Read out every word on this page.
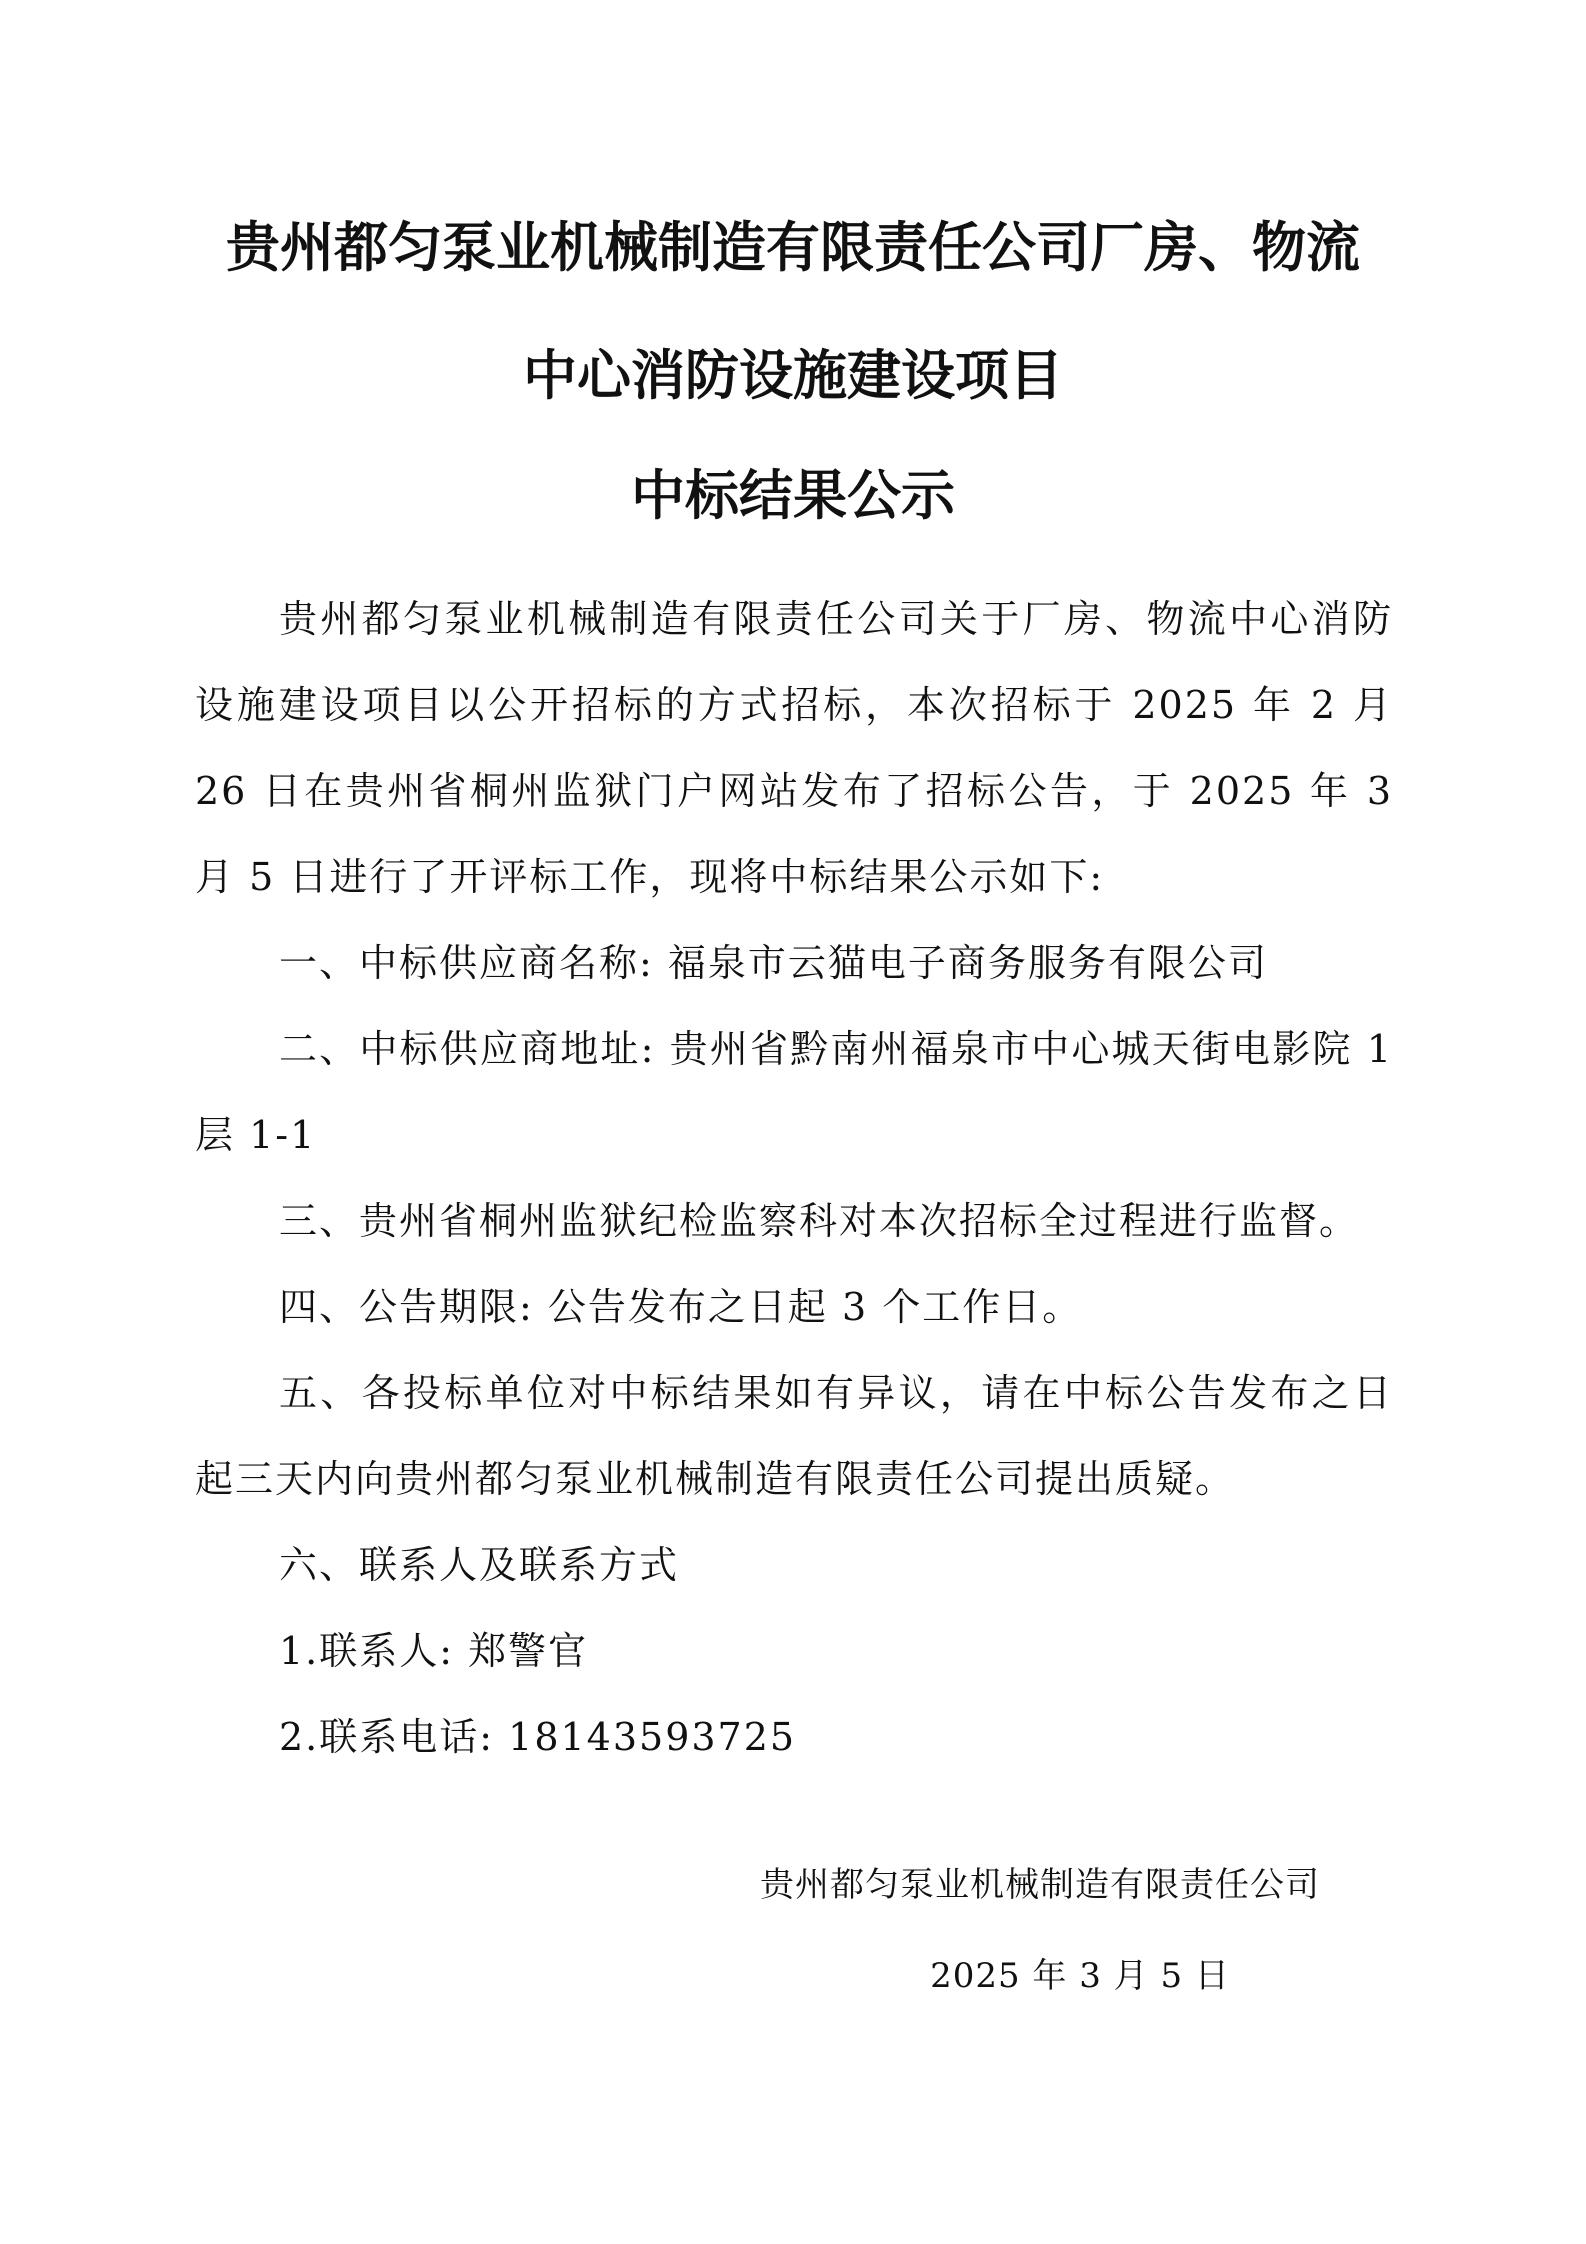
贵州都匀泵业机械制造有限责任公司厂房、物流
中心消防设施建设项目
中标结果公示

贵州都匀泵业机械制造有限责任公司关于厂房、物流中心消防设施建设项目以公开招标的方式招标，本次招标于 2025 年 2 月 26 日在贵州省桐州监狱门户网站发布了招标公告，于 2025 年 3 月 5 日进行了开评标工作，现将中标结果公示如下:

一、中标供应商名称: 福泉市云猫电子商务服务有限公司

二、中标供应商地址: 贵州省黔南州福泉市中心城天街电影院 1 层 1-1

三、贵州省桐州监狱纪检监察科对本次招标全过程进行监督。

四、公告期限: 公告发布之日起 3 个工作日。

五、各投标单位对中标结果如有异议，请在中标公告发布之日起三天内向贵州都匀泵业机械制造有限责任公司提出质疑。

六、联系人及联系方式

1.联系人: 郑警官

2.联系电话: 18143593725

贵州都匀泵业机械制造有限责任公司

2025 年 3 月 5 日
